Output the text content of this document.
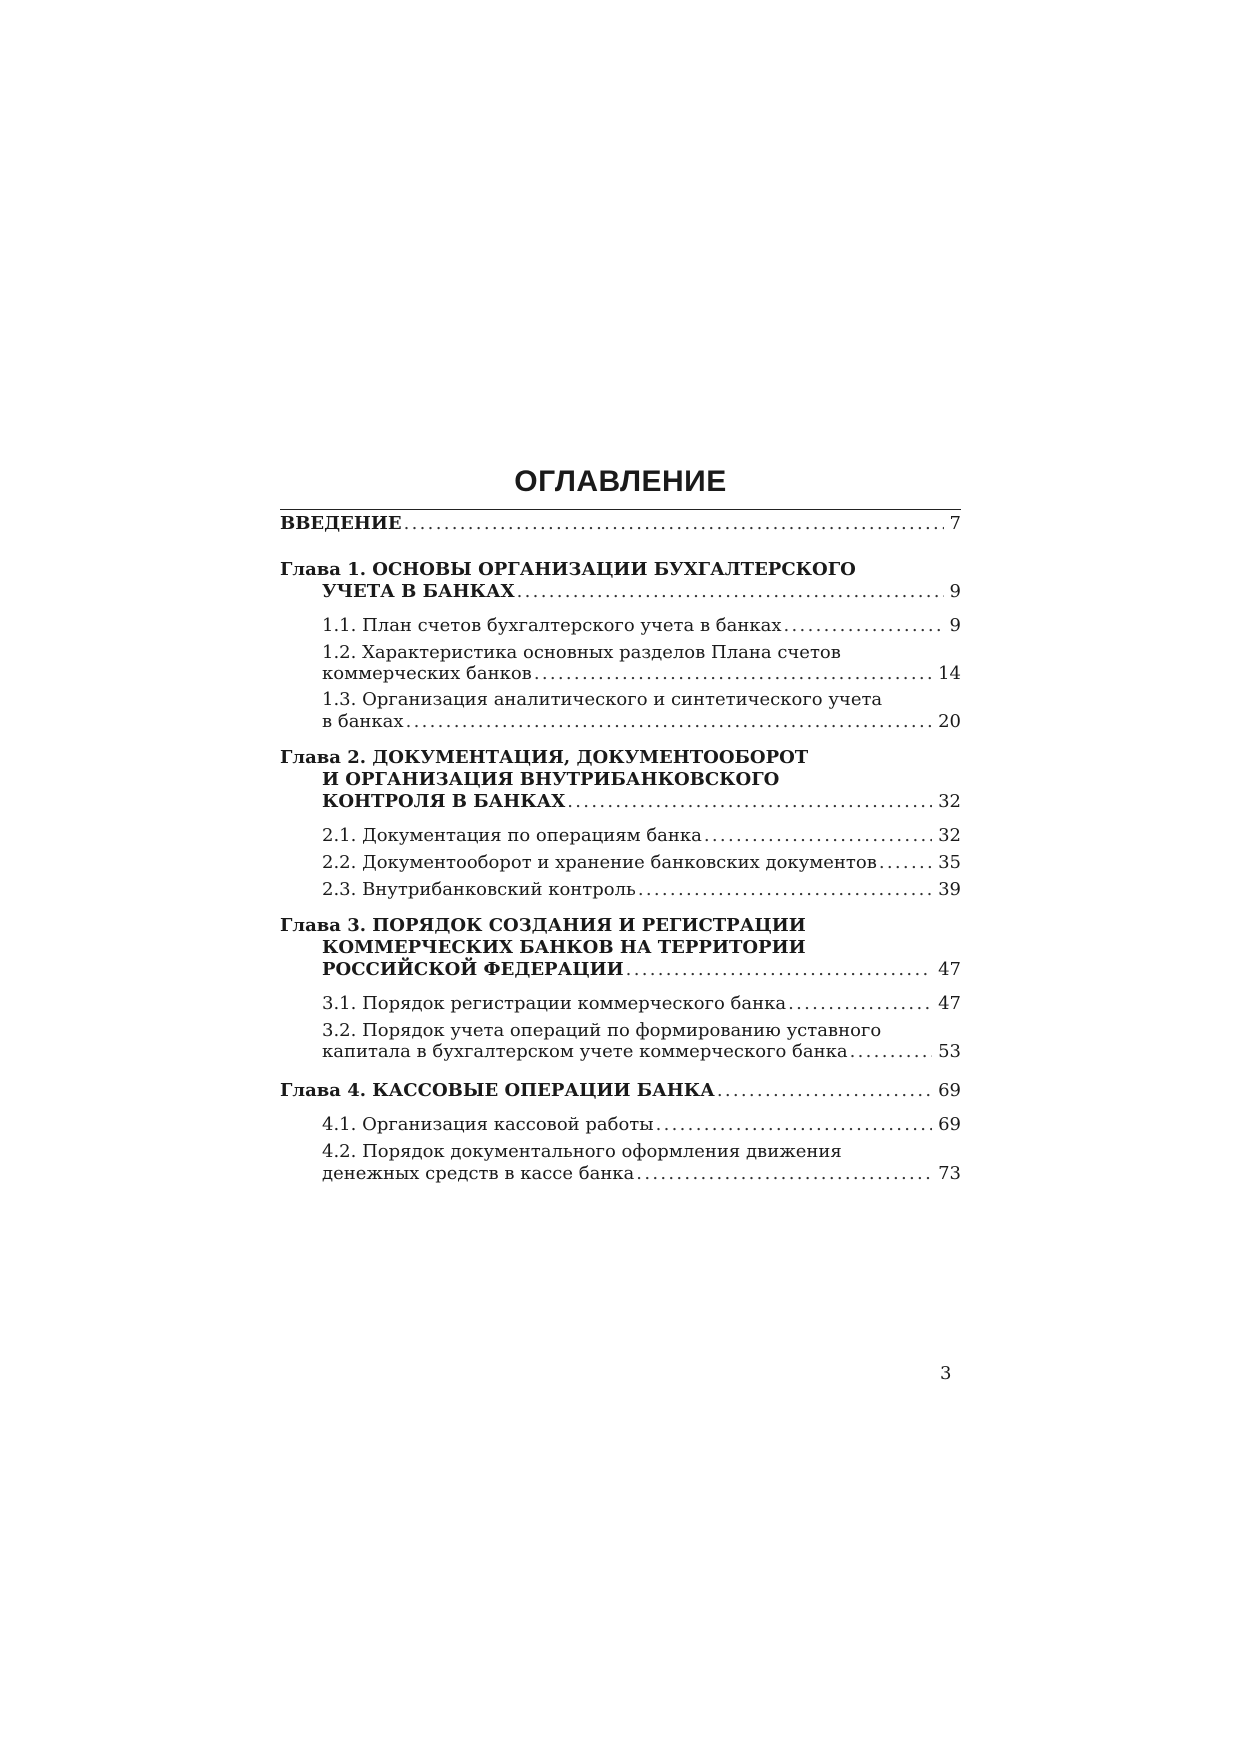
ОГЛАВЛЕНИЕ
ВВЕДЕНИЕ .....	7
Глава 1. ОСНОВЫ ОРГАНИЗАЦИИ БУХГАЛТЕРСКОГО
УЧЕТА В БАНКАХ .....	9
1.1. План счетов бухгалтерского учета в банках .....	9
1.2. Характеристика основных разделов Плана счетов
коммерческих банков .....	14
1.3. Организация аналитического и синтетического учета
в банках .....	20
Глава 2. ДОКУМЕНТАЦИЯ, ДОКУМЕНТООБОРОТ
И ОРГАНИЗАЦИЯ ВНУТРИБАНКОВСКОГО
КОНТРОЛЯ В БАНКАХ .....	32
2.1. Документация по операциям банка .....	32
2.2. Документооборот и хранение банковских документов .....	35
2.3. Внутрибанковский контроль .....	39
Глава 3. ПОРЯДОК СОЗДАНИЯ И РЕГИСТРАЦИИ
КОММЕРЧЕСКИХ БАНКОВ НА ТЕРРИТОРИИ
РОССИЙСКОЙ ФЕДЕРАЦИИ .....	47
3.1. Порядок регистрации коммерческого банка .....	47
3.2. Порядок учета операций по формированию уставного
капитала в бухгалтерском учете коммерческого банка .....	53
Глава 4. КАССОВЫЕ ОПЕРАЦИИ БАНКА .....	69
4.1. Организация кассовой работы .....	69
4.2. Порядок документального оформления движения
денежных средств в кассе банка .....	73
3
